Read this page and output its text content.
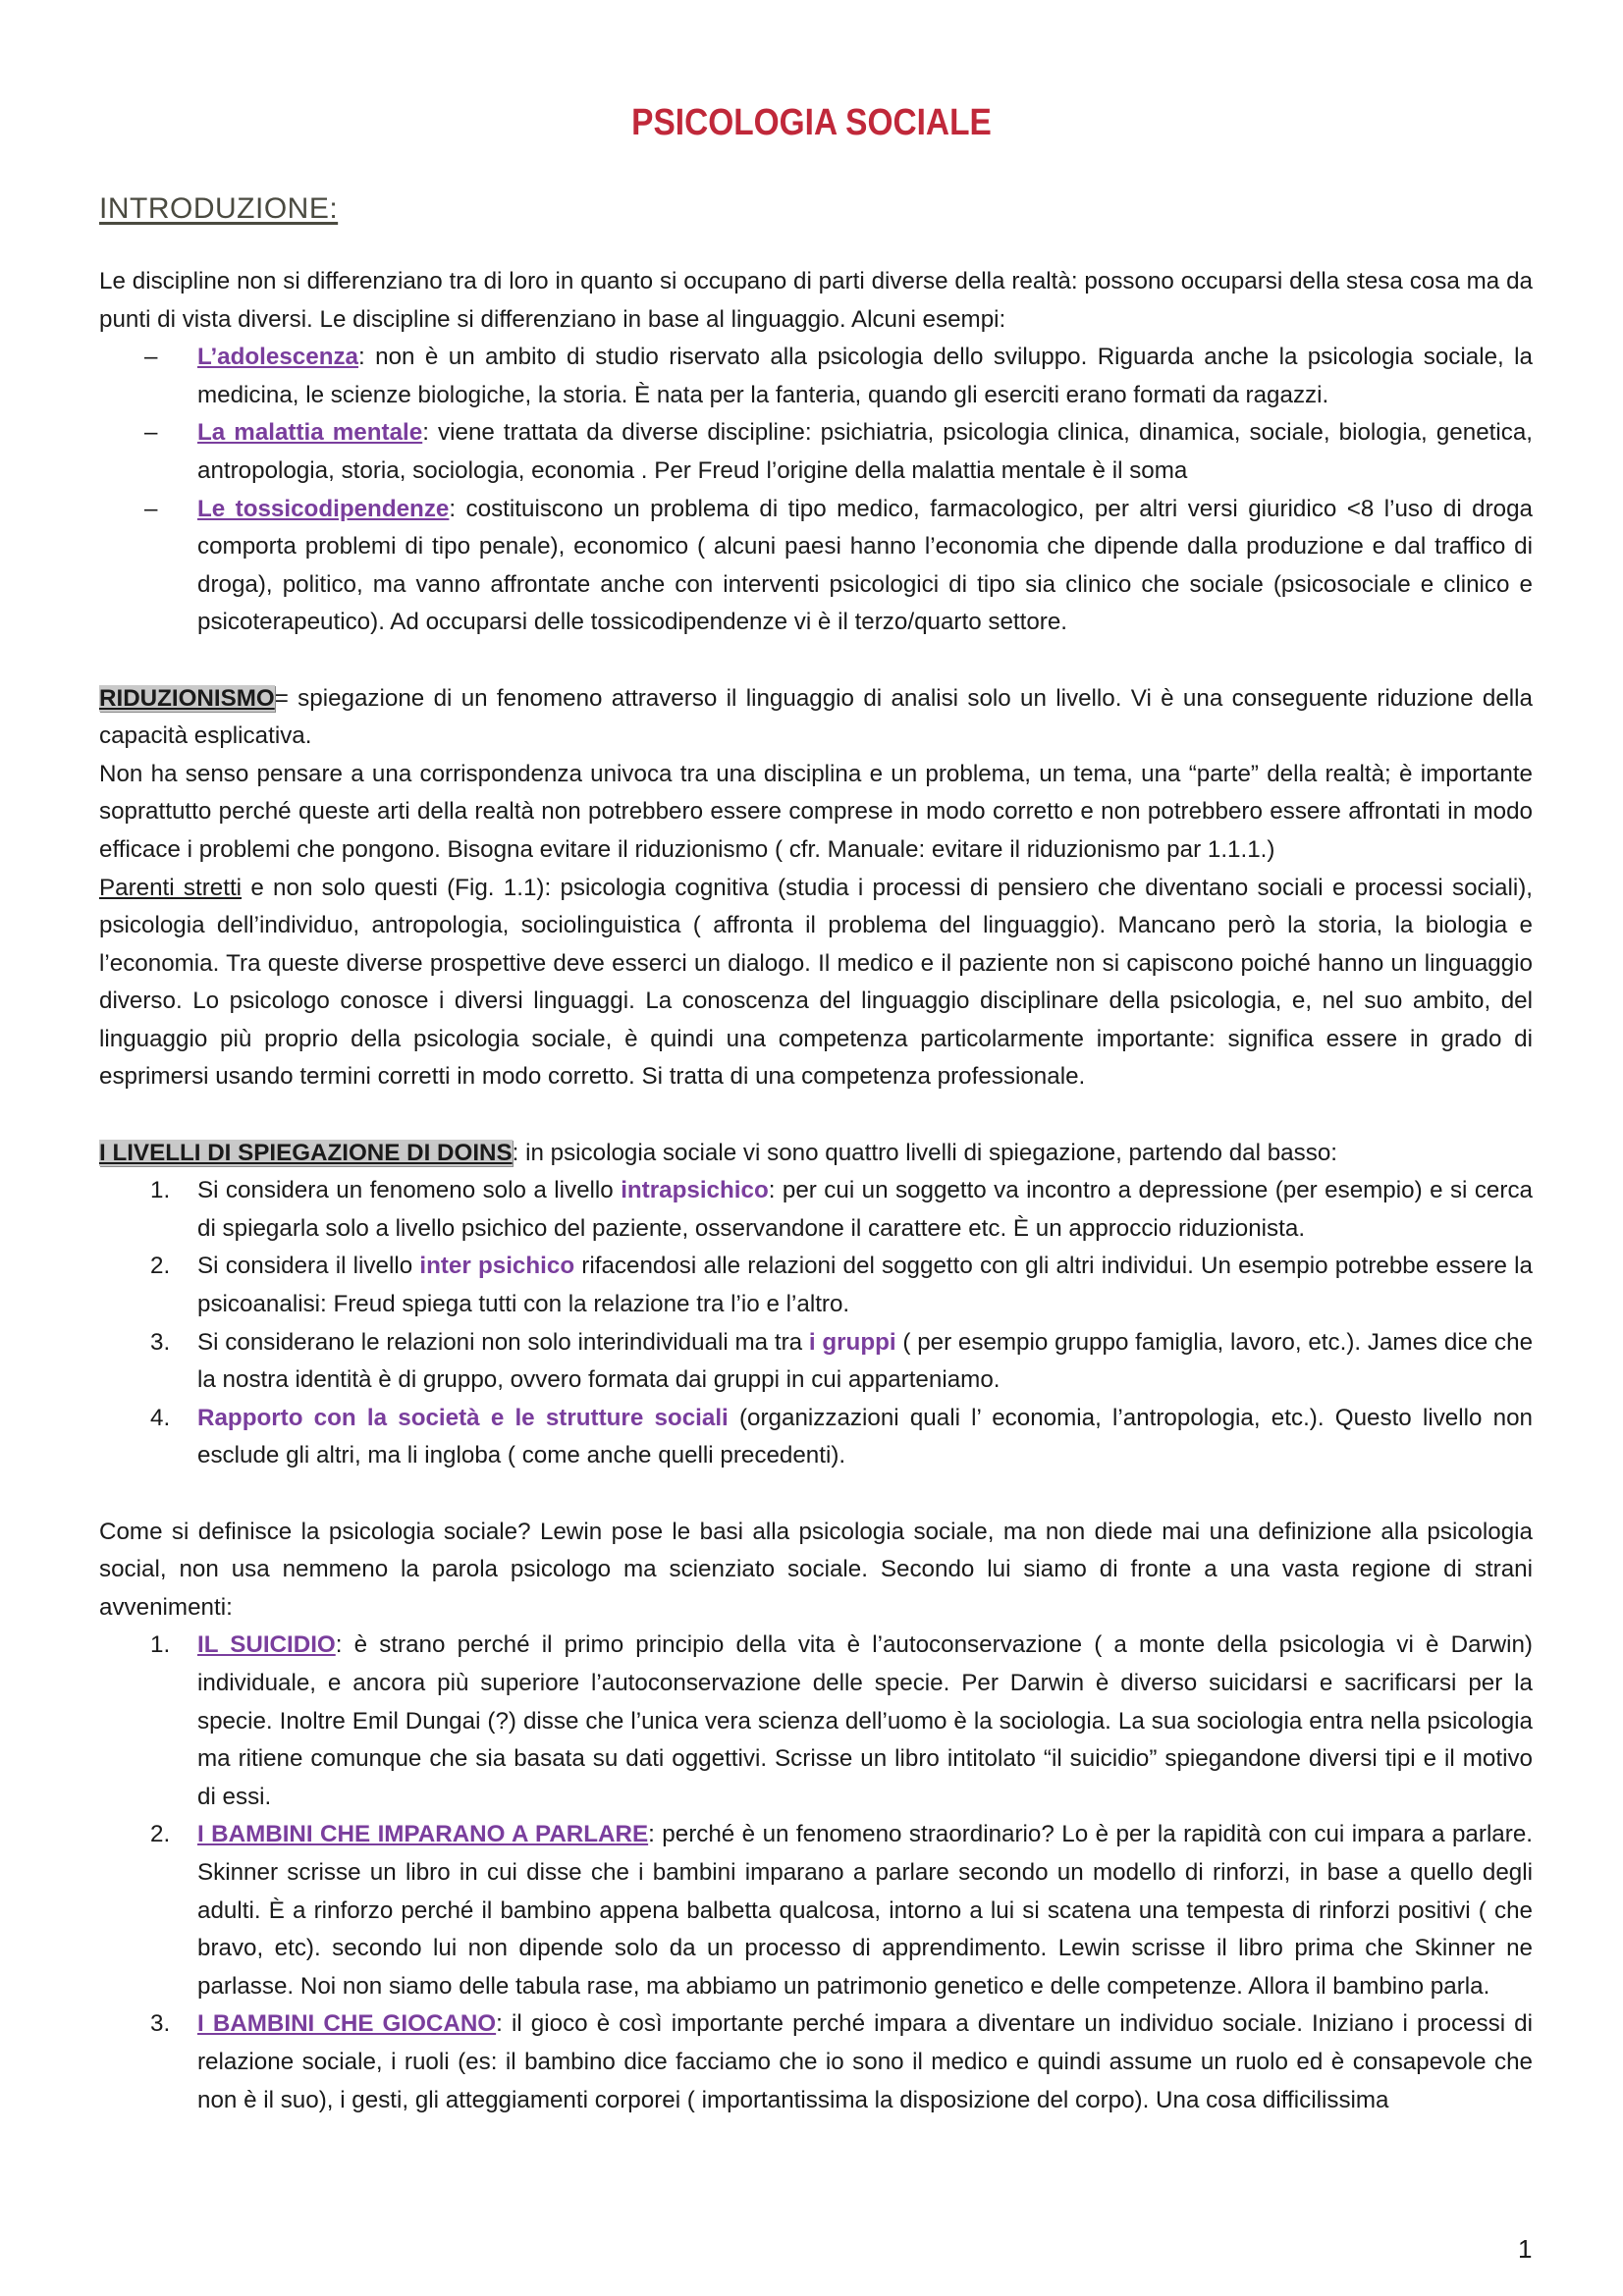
PSICOLOGIA SOCIALE
INTRODUZIONE:

Le discipline non si differenziano tra di loro in quanto si occupano di parti diverse della realtà: possono occuparsi della stesa cosa ma da punti di vista diversi. Le discipline si differenziano in base al linguaggio. Alcuni esempi:

– L’adolescenza: non è un ambito di studio riservato alla psicologia dello sviluppo. Riguarda anche la psicologia sociale, la medicina, le scienze biologiche, la storia. È nata per la fanteria, quando gli eserciti erano formati da ragazzi.
– La malattia mentale: viene trattata da diverse discipline: psichiatria, psicologia clinica, dinamica, sociale, biologia, genetica, antropologia, storia, sociologia, economia . Per Freud l’origine della malattia mentale è il soma
– Le tossicodipendenze: costituiscono un problema di tipo medico, farmacologico, per altri versi giuridico <8 l’uso di droga comporta problemi di tipo penale), economico ( alcuni paesi hanno l’economia che dipende dalla produzione e dal traffico di droga), politico, ma vanno affrontate anche con interventi psicologici di tipo sia clinico che sociale (psicosociale e clinico e psicoterapeutico). Ad occuparsi delle tossicodipendenze vi è il terzo/quarto settore.

RIDUZIONISMO= spiegazione di un fenomeno attraverso il linguaggio di analisi solo un livello. Vi è una conseguente riduzione della capacità esplicativa.

Non ha senso pensare a una corrispondenza univoca tra una disciplina e un problema, un tema, una “parte” della realtà; è importante soprattutto perché queste arti della realtà non potrebbero essere comprese in modo corretto e non potrebbero essere affrontati in modo efficace i problemi che pongono. Bisogna evitare il riduzionismo ( cfr. Manuale: evitare il riduzionismo par 1.1.1.)

Parenti stretti e non solo questi (Fig. 1.1): psicologia cognitiva (studia i processi di pensiero che diventano sociali e processi sociali), psicologia dell’individuo, antropologia, sociolinguistica ( affronta il problema del linguaggio). Mancano però la storia, la biologia e l’economia. Tra queste diverse prospettive deve esserci un dialogo. Il medico e il paziente non si capiscono poiché hanno un linguaggio diverso. Lo psicologo conosce i diversi linguaggi. La conoscenza del linguaggio disciplinare della psicologia, e, nel suo ambito, del linguaggio più proprio della psicologia sociale, è quindi una competenza particolarmente importante: significa essere in grado di esprimersi usando termini corretti in modo corretto. Si tratta di una competenza professionale.

I LIVELLI DI SPIEGAZIONE DI DOINS: in psicologia sociale vi sono quattro livelli di spiegazione, partendo dal basso:

1. Si considera un fenomeno solo a livello intrapsichico: per cui un soggetto va incontro a depressione (per esempio) e si cerca di spiegarla solo a livello psichico del paziente, osservandone il carattere etc. È un approccio riduzionista.
2. Si considera il livello inter psichico rifacendosi alle relazioni del soggetto con gli altri individui. Un esempio potrebbe essere la psicoanalisi: Freud spiega tutti con la relazione tra l’io e l’altro.
3. Si considerano le relazioni non solo interindividuali ma tra i gruppi ( per esempio gruppo famiglia, lavoro, etc.). James dice che la nostra identità è di gruppo, ovvero formata dai gruppi in cui apparteniamo.
4. Rapporto con la società e le strutture sociali (organizzazioni quali l’ economia, l’antropologia, etc.). Questo livello non esclude gli altri, ma li ingloba ( come anche quelli precedenti).

Come si definisce la psicologia sociale? Lewin pose le basi alla psicologia sociale, ma non diede mai una definizione alla psicologia social, non usa nemmeno la parola psicologo ma scienziato sociale. Secondo lui siamo di fronte a una vasta regione di strani avvenimenti:

1. IL SUICIDIO: è strano perché il primo principio della vita è l’autoconservazione ( a monte della psicologia vi è Darwin) individuale, e ancora più superiore l’autoconservazione delle specie. Per Darwin è diverso suicidarsi e sacrificarsi per la specie. Inoltre Emil Dungai (?) disse che l’unica vera scienza dell’uomo è la sociologia. La sua sociologia entra nella psicologia ma ritiene comunque che sia basata su dati oggettivi. Scrisse un libro intitolato “il suicidio” spiegandone diversi tipi e il motivo di essi.
2. I BAMBINI CHE IMPARANO A PARLARE: perché è un fenomeno straordinario? Lo è per la rapidità con cui impara a parlare. Skinner scrisse un libro in cui disse che i bambini imparano a parlare secondo un modello di rinforzi, in base a quello degli adulti. È a rinforzo perché il bambino appena balbetta qualcosa, intorno a lui si scatena una tempesta di rinforzi positivi ( che bravo, etc). secondo lui non dipende solo da un processo di apprendimento. Lewin scrisse il libro prima che Skinner ne parlasse. Noi non siamo delle tabula rase, ma abbiamo un patrimonio genetico e delle competenze. Allora il bambino parla.
3. I BAMBINI CHE GIOCANO: il gioco è così importante perché impara a diventare un individuo sociale. Iniziano i processi di relazione sociale, i ruoli (es: il bambino dice facciamo che io sono il medico e quindi assume un ruolo ed è consapevole che non è il suo), i gesti, gli atteggiamenti corporei ( importantissima la disposizione del corpo). Una cosa difficilissima
1
